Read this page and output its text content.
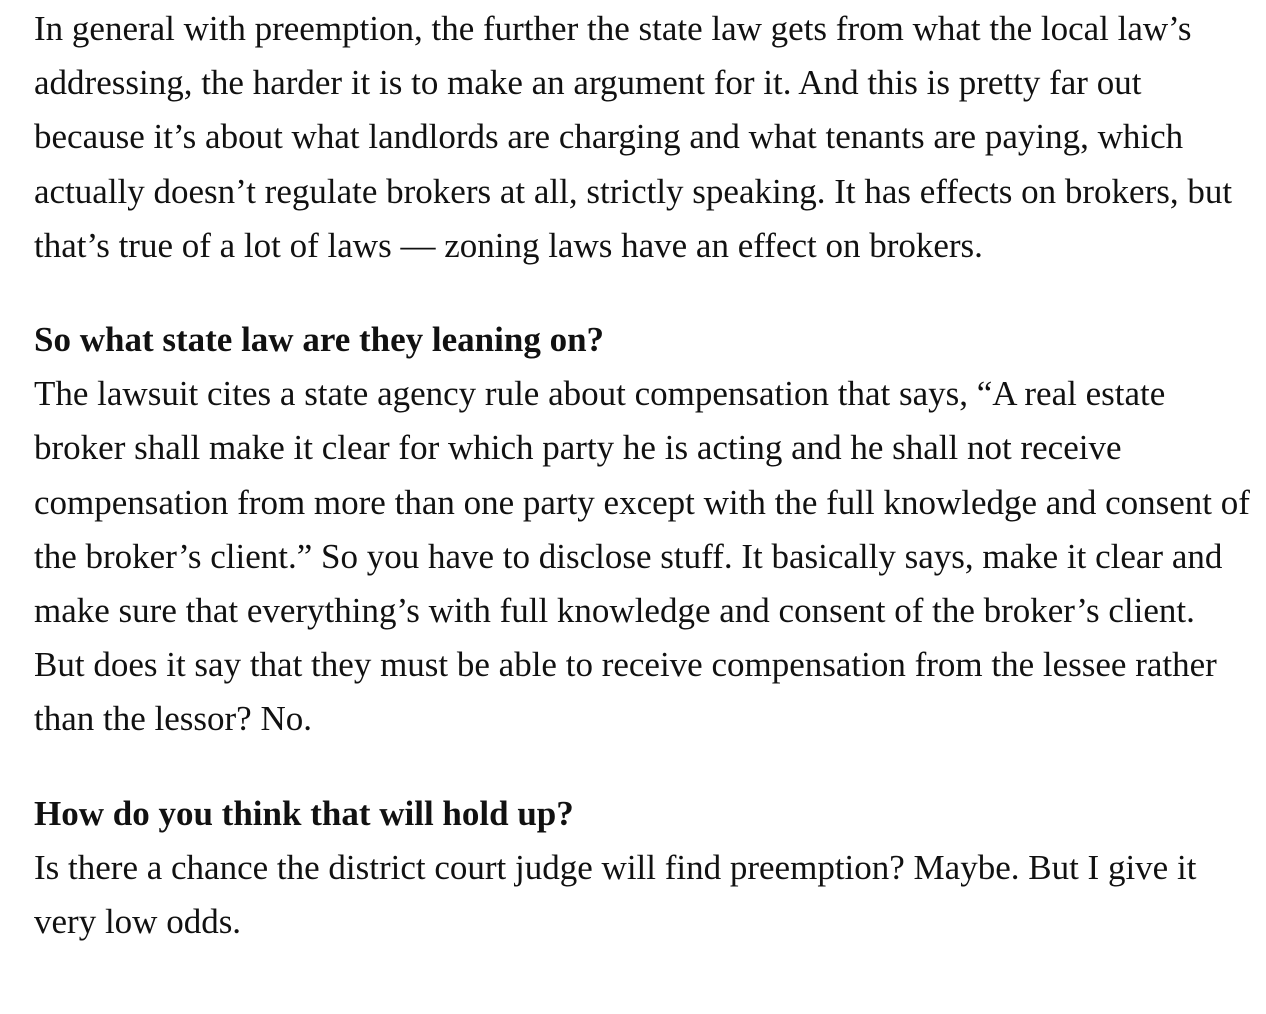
In general with preemption, the further the state law gets from what the local law’s addressing, the harder it is to make an argument for it. And this is pretty far out because it’s about what landlords are charging and what tenants are paying, which actually doesn’t regulate brokers at all, strictly speaking. It has effects on brokers, but that’s true of a lot of laws — zoning laws have an effect on brokers.

So what state law are they leaning on?

The lawsuit cites a state agency rule about compensation that says, “A real estate broker shall make it clear for which party he is acting and he shall not receive compensation from more than one party except with the full knowledge and consent of the broker’s client.” So you have to disclose stuff. It basically says, make it clear and make sure that everything’s with full knowledge and consent of the broker’s client. But does it say that they must be able to receive compensation from the lessee rather than the lessor? No.

How do you think that will hold up?

Is there a chance the district court judge will find preemption? Maybe. But I give it very low odds.
